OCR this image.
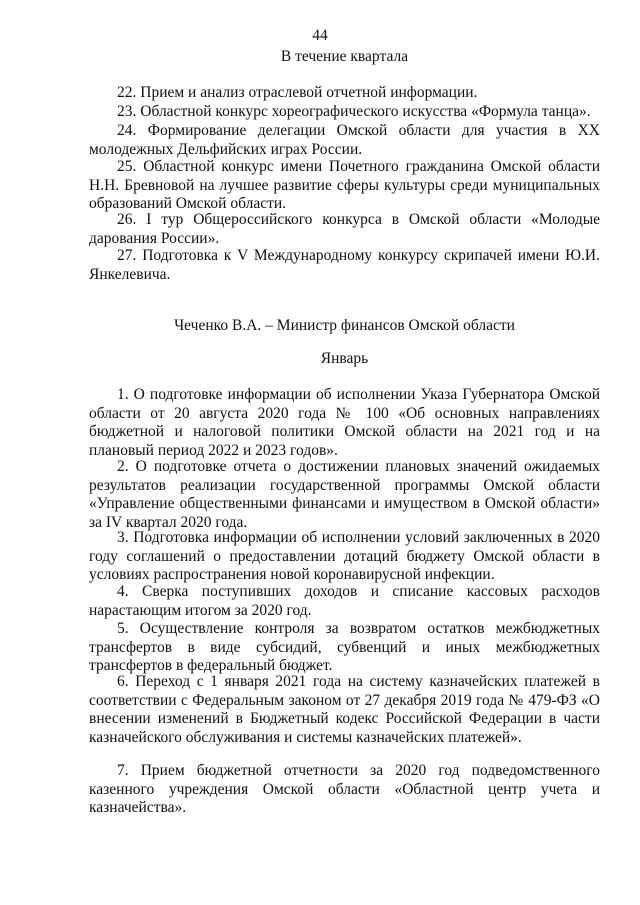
44
В течение квартала
22. Прием и анализ отраслевой отчетной информации.
23. Областной конкурс хореографического искусства «Формула танца».
24. Формирование делегации Омской области для участия в XX молодежных Дельфийских играх России.
25. Областной конкурс имени Почетного гражданина Омской области Н.Н. Бревновой на лучшее развитие сферы культуры среди муниципальных образований Омской области.
26. I тур Общероссийского конкурса в Омской области «Молодые дарования России».
27. Подготовка к V Международному конкурсу скрипачей имени Ю.И. Янкелевича.
Чеченко В.А. – Министр финансов Омской области
Январь
1. О подготовке информации об исполнении Указа Губернатора Омской области от 20 августа 2020 года № 100 «Об основных направлениях бюджетной и налоговой политики Омской области на 2021 год и на плановый период 2022 и 2023 годов».
2. О подготовке отчета о достижении плановых значений ожидаемых результатов реализации государственной программы Омской области «Управление общественными финансами и имуществом в Омской области» за IV квартал 2020 года.
3. Подготовка информации об исполнении условий заключенных в 2020 году соглашений о предоставлении дотаций бюджету Омской области в условиях распространения новой коронавирусной инфекции.
4. Сверка поступивших доходов и списание кассовых расходов нарастающим итогом за 2020 год.
5. Осуществление контроля за возвратом остатков межбюджетных трансфертов в виде субсидий, субвенций и иных межбюджетных трансфертов в федеральный бюджет.
6. Переход с 1 января 2021 года на систему казначейских платежей в соответствии с Федеральным законом от 27 декабря 2019 года № 479-ФЗ «О внесении изменений в Бюджетный кодекс Российской Федерации в части казначейского обслуживания и системы казначейских платежей».
7. Прием бюджетной отчетности за 2020 год подведомственного казенного учреждения Омской области «Областной центр учета и казначейства».
